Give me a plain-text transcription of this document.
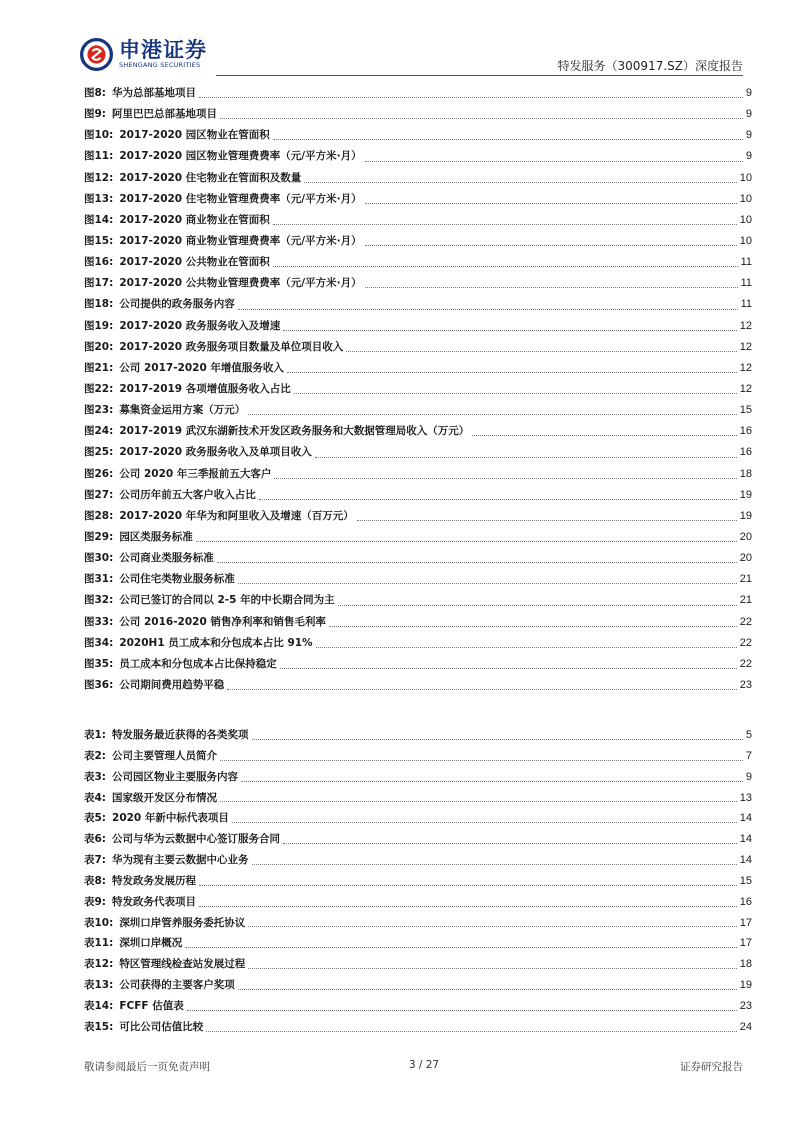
申港证券
SHENGANG SECURITIES	特发服务（300917.SZ）深度报告
图8: 华为总部基地项目	9
图9: 阿里巴巴总部基地项目	9
图10: 2017-2020 园区物业在管面积	9
图11: 2017-2020 园区物业管理费费率（元/平方米·月）	9
图12: 2017-2020 住宅物业在管面积及数量	10
图13: 2017-2020 住宅物业管理费费率（元/平方米·月）	10
图14: 2017-2020 商业物业在管面积	10
图15: 2017-2020 商业物业管理费费率（元/平方米·月）	10
图16: 2017-2020 公共物业在管面积	11
图17: 2017-2020 公共物业管理费费率（元/平方米·月）	11
图18: 公司提供的政务服务内容	11
图19: 2017-2020 政务服务收入及增速	12
图20: 2017-2020 政务服务项目数量及单位项目收入	12
图21: 公司 2017-2020 年增值服务收入	12
图22: 2017-2019 各项增值服务收入占比	12
图23: 募集资金运用方案（万元）	15
图24: 2017-2019 武汉东湖新技术开发区政务服务和大数据管理局收入（万元）	16
图25: 2017-2020 政务服务收入及单项目收入	16
图26: 公司 2020 年三季报前五大客户	18
图27: 公司历年前五大客户收入占比	19
图28: 2017-2020 年华为和阿里收入及增速（百万元）	19
图29: 园区类服务标准	20
图30: 公司商业类服务标准	20
图31: 公司住宅类物业服务标准	21
图32: 公司已签订的合同以 2-5 年的中长期合同为主	21
图33: 公司 2016-2020 销售净利率和销售毛利率	22
图34: 2020H1 员工成本和分包成本占比 91%	22
图35: 员工成本和分包成本占比保持稳定	22
图36: 公司期间费用趋势平稳	23
表1: 特发服务最近获得的各类奖项	5
表2: 公司主要管理人员简介	7
表3: 公司园区物业主要服务内容	9
表4: 国家级开发区分布情况	13
表5: 2020 年新中标代表项目	14
表6: 公司与华为云数据中心签订服务合同	14
表7: 华为现有主要云数据中心业务	14
表8: 特发政务发展历程	15
表9: 特发政务代表项目	16
表10: 深圳口岸管养服务委托协议	17
表11: 深圳口岸概况	17
表12: 特区管理线检查站发展过程	18
表13: 公司获得的主要客户奖项	19
表14: FCFF 估值表	23
表15: 可比公司估值比较	24
敬请参阅最后一页免责声明	3 / 27	证券研究报告
